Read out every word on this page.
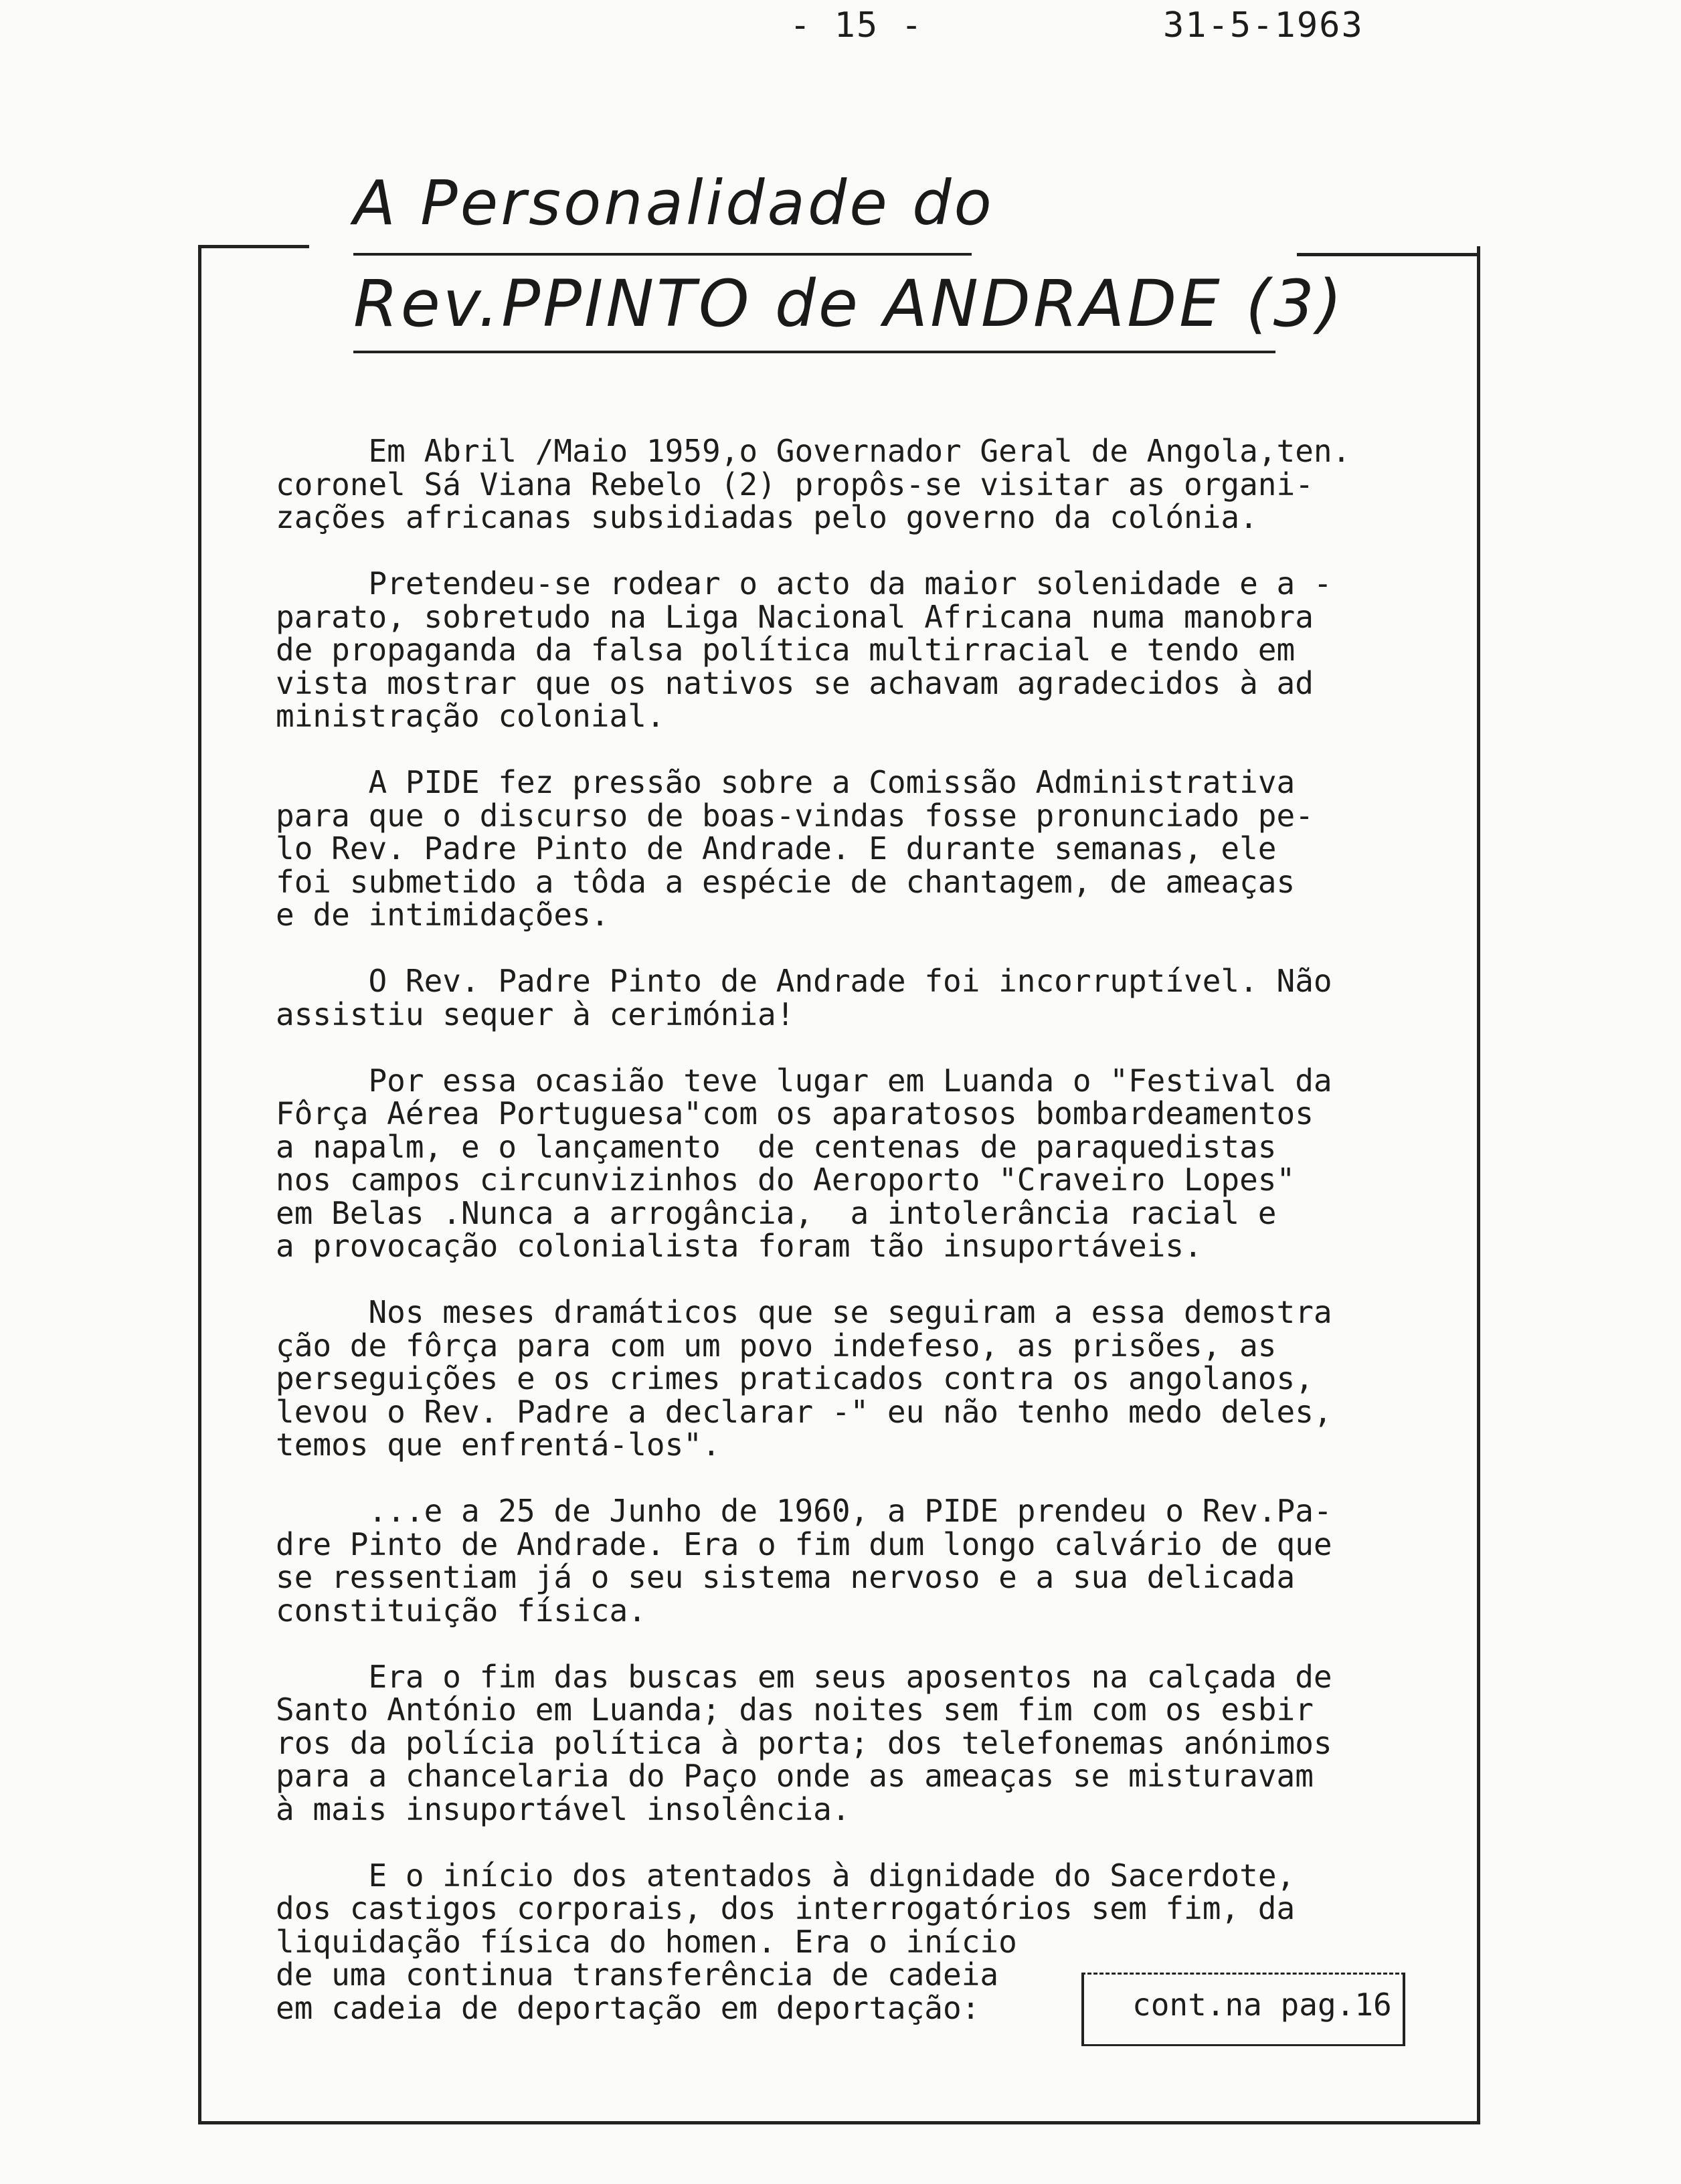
- 15 -	31-5-1963
A Personalidade do
Rev.PPINTO de ANDRADE (3)

Em Abril /Maio 1959,o Governador Geral de Angola,ten.
coronel Sá Viana Rebelo (2) propôs-se visitar as organi-
zações africanas subsidiadas pelo governo da colónia.

Pretendeu-se rodear o acto da maior solenidade e a -
parato, sobretudo na Liga Nacional Africana numa manobra
de propaganda da falsa política multirracial e tendo em
vista mostrar que os nativos se achavam agradecidos à ad
ministração colonial.

A PIDE fez pressão sobre a Comissão Administrativa
para que o discurso de boas-vindas fosse pronunciado pe-
lo Rev. Padre Pinto de Andrade. E durante semanas, ele
foi submetido a tôda a espécie de chantagem, de ameaças
e de intimidações.

O Rev. Padre Pinto de Andrade foi incorruptível. Não
assistiu sequer à cerimónia!

Por essa ocasião teve lugar em Luanda o "Festival da
Fôrça Aérea Portuguesa"com os aparatosos bombardeamentos
a napalm, e o lançamento  de centenas de paraquedistas
nos campos circunvizinhos do Aeroporto "Craveiro Lopes"
em Belas .Nunca a arrogância,  a intolerância racial e
a provocação colonialista foram tão insuportáveis.

Nos meses dramáticos que se seguiram a essa demostra
ção de fôrça para com um povo indefeso, as prisões, as
perseguições e os crimes praticados contra os angolanos,
levou o Rev. Padre a declarar -" eu não tenho medo deles,
temos que enfrentá-los".

...e a 25 de Junho de 1960, a PIDE prendeu o Rev.Pa-
dre Pinto de Andrade. Era o fim dum longo calvário de que
se ressentiam já o seu sistema nervoso e a sua delicada
constituição física.

Era o fim das buscas em seus aposentos na calçada de
Santo António em Luanda; das noites sem fim com os esbir
ros da polícia política à porta; dos telefonemas anónimos
para a chancelaria do Paço onde as ameaças se misturavam
à mais insuportável insolência.

E o início dos atentados à dignidade do Sacerdote,
dos castigos corporais, dos interrogatórios sem fim, da
liquidação física do homen. Era o início
de uma continua transferência de cadeia
em cadeia de deportação em deportação:	cont.na pag.16
